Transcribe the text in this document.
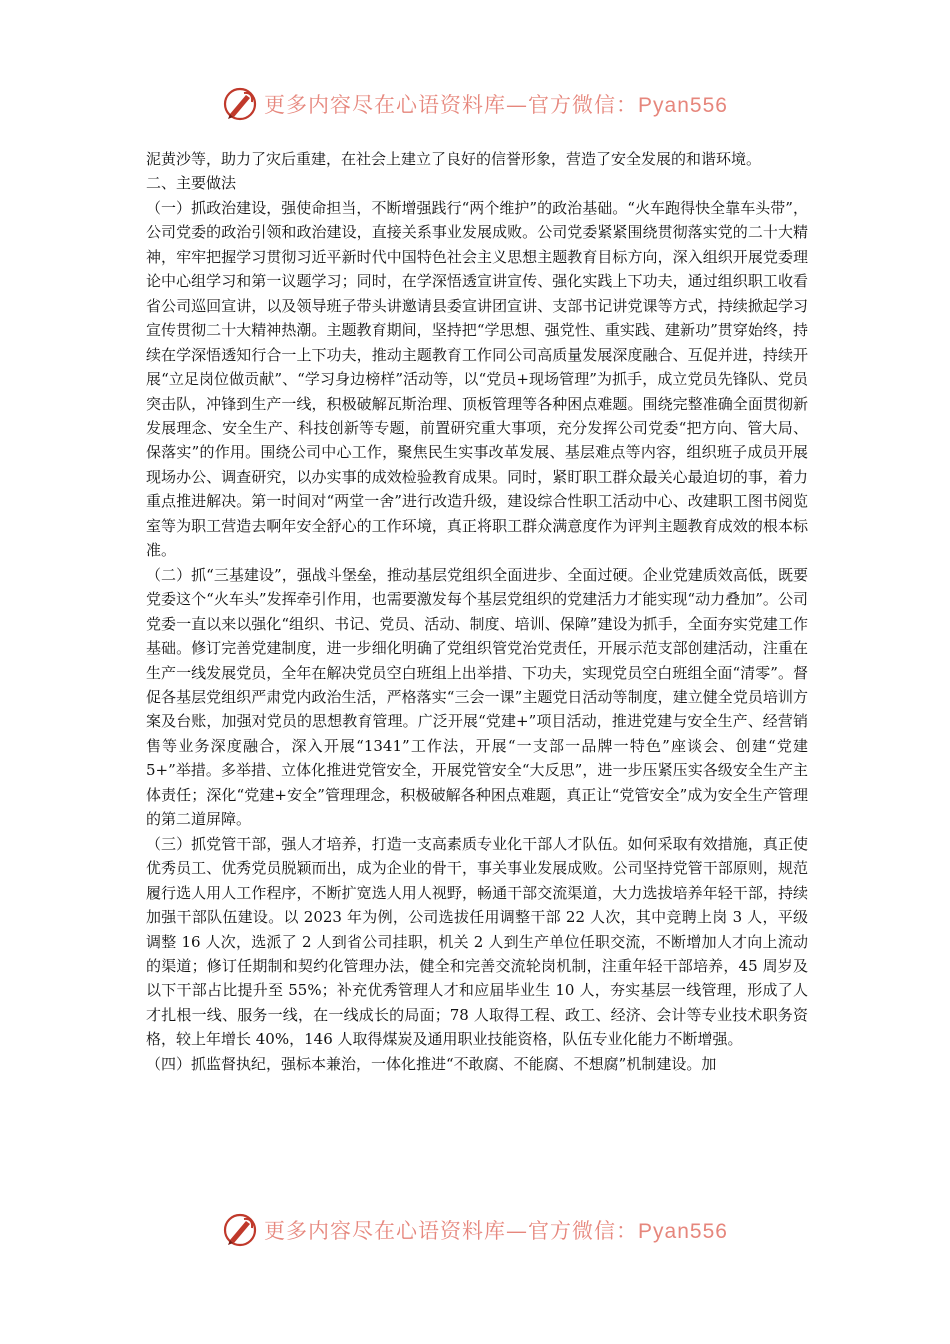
更多内容尽在心语资料库—官方微信：Pyan556

泥黄沙等，助力了灾后重建，在社会上建立了良好的信誉形象，营造了安全发展的和谐环境。

二、主要做法

（一）抓政治建设，强使命担当，不断增强践行“两个维护”的政治基础。“火车跑得快全靠车头带”，公司党委的政治引领和政治建设，直接关系事业发展成败。公司党委紧紧围绕贯彻落实党的二十大精神，牢牢把握学习贯彻习近平新时代中国特色社会主义思想主题教育目标方向，深入组织开展党委理论中心组学习和第一议题学习；同时，在学深悟透宣讲宣传、强化实践上下功夫，通过组织职工收看省公司巡回宣讲，以及领导班子带头讲邀请县委宣讲团宣讲、支部书记讲党课等方式，持续掀起学习宣传贯彻二十大精神热潮。主题教育期间，坚持把“学思想、强党性、重实践、建新功”贯穿始终，持续在学深悟透知行合一上下功夫，推动主题教育工作同公司高质量发展深度融合、互促并进，持续开展“立足岗位做贡献”、“学习身边榜样”活动等，以“党员+现场管理”为抓手，成立党员先锋队、党员突击队，冲锋到生产一线，积极破解瓦斯治理、顶板管理等各种困点难题。围绕完整准确全面贯彻新发展理念、安全生产、科技创新等专题，前置研究重大事项，充分发挥公司党委“把方向、管大局、保落实”的作用。围绕公司中心工作，聚焦民生实事改革发展、基层难点等内容，组织班子成员开展现场办公、调查研究，以办实事的成效检验教育成果。同时，紧盯职工群众最关心最迫切的事，着力重点推进解决。第一时间对“两堂一舍”进行改造升级，建设综合性职工活动中心、改建职工图书阅览室等为职工营造去啊年安全舒心的工作环境，真正将职工群众满意度作为评判主题教育成效的根本标准。

（二）抓“三基建设”，强战斗堡垒，推动基层党组织全面进步、全面过硬。企业党建质效高低，既要党委这个“火车头”发挥牵引作用，也需要激发每个基层党组织的党建活力才能实现“动力叠加”。公司党委一直以来以强化“组织、书记、党员、活动、制度、培训、保障”建设为抓手，全面夯实党建工作基础。修订完善党建制度，进一步细化明确了党组织管党治党责任，开展示范支部创建活动，注重在生产一线发展党员，全年在解决党员空白班组上出举措、下功夫，实现党员空白班组全面“清零”。督促各基层党组织严肃党内政治生活，严格落实“三会一课”主题党日活动等制度，建立健全党员培训方案及台账，加强对党员的思想教育管理。广泛开展“党建+”项目活动，推进党建与安全生产、经营销售等业务深度融合，深入开展“1341”工作法，开展“一支部一品牌一特色”座谈会、创建“党建 5+”举措。多举措、立体化推进党管安全，开展党管安全“大反思”，进一步压紧压实各级安全生产主体责任；深化“党建+安全”管理理念，积极破解各种困点难题，真正让“党管安全”成为安全生产管理的第二道屏障。

（三）抓党管干部，强人才培养，打造一支高素质专业化干部人才队伍。如何采取有效措施，真正使优秀员工、优秀党员脱颖而出，成为企业的骨干，事关事业发展成败。公司坚持党管干部原则，规范履行选人用人工作程序，不断扩宽选人用人视野，畅通干部交流渠道，大力选拔培养年轻干部，持续加强干部队伍建设。以 2023 年为例，公司选拔任用调整干部 22 人次，其中竞聘上岗 3 人，平级调整 16 人次，选派了 2 人到省公司挂职，机关 2 人到生产单位任职交流，不断增加人才向上流动的渠道；修订任期制和契约化管理办法，健全和完善交流轮岗机制，注重年轻干部培养，45 周岁及以下干部占比提升至 55%；补充优秀管理人才和应届毕业生 10 人，夯实基层一线管理，形成了人才扎根一线、服务一线，在一线成长的局面；78 人取得工程、政工、经济、会计等专业技术职务资格，较上年增长 40%，146 人取得煤炭及通用职业技能资格，队伍专业化能力不断增强。

（四）抓监督执纪，强标本兼治，一体化推进“不敢腐、不能腐、不想腐”机制建设。加

更多内容尽在心语资料库—官方微信：Pyan556
